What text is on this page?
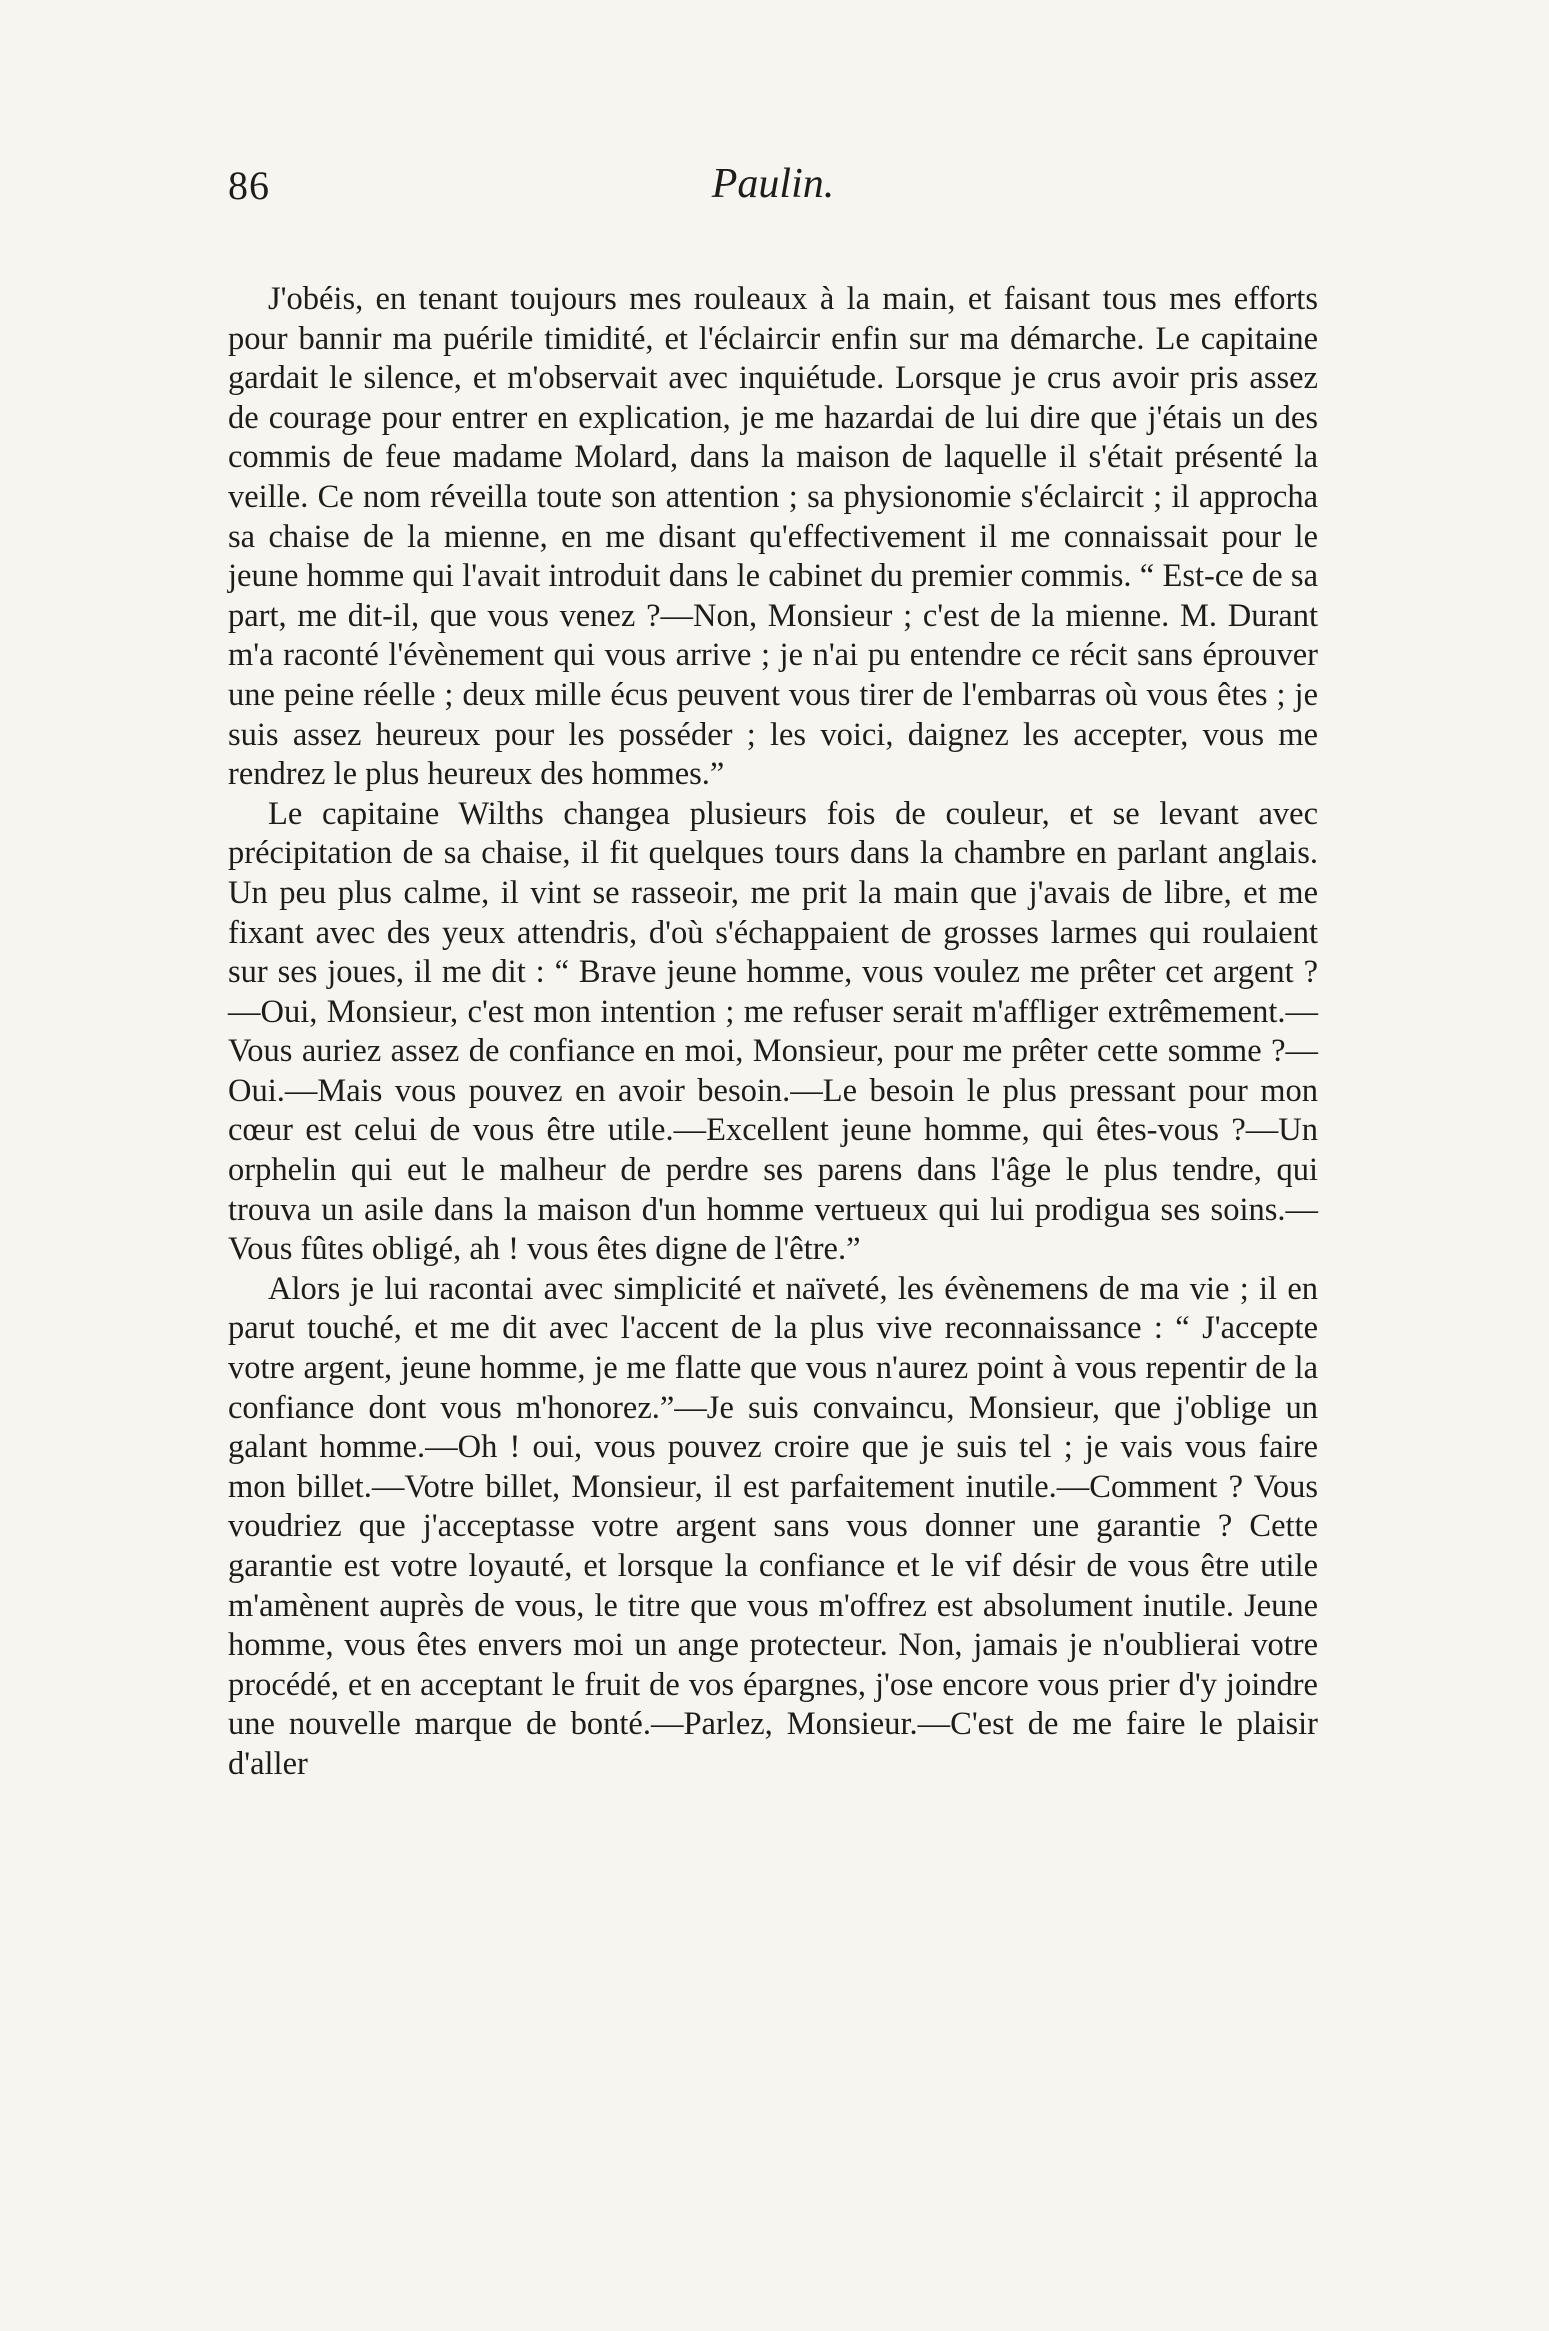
86	Paulin.

J'obéis, en tenant toujours mes rouleaux à la main, et faisant tous mes efforts pour bannir ma puérile timidité, et l'éclaircir enfin sur ma démarche. Le capitaine gardait le silence, et m'observait avec inquiétude. Lorsque je crus avoir pris assez de courage pour entrer en explication, je me hazardai de lui dire que j'étais un des commis de feue madame Molard, dans la maison de laquelle il s'était présenté la veille. Ce nom réveilla toute son attention ; sa physionomie s'éclaircit ; il approcha sa chaise de la mienne, en me disant qu'effectivement il me connaissait pour le jeune homme qui l'avait introduit dans le cabinet du premier commis. “ Est-ce de sa part, me dit-il, que vous venez ?—Non, Monsieur ; c'est de la mienne. M. Durant m'a raconté l'évènement qui vous arrive ; je n'ai pu entendre ce récit sans éprouver une peine réelle ; deux mille écus peuvent vous tirer de l'embarras où vous êtes ; je suis assez heureux pour les posséder ; les voici, daignez les accepter, vous me rendrez le plus heureux des hommes.”

Le capitaine Wilths changea plusieurs fois de couleur, et se levant avec précipitation de sa chaise, il fit quelques tours dans la chambre en parlant anglais. Un peu plus calme, il vint se rasseoir, me prit la main que j'avais de libre, et me fixant avec des yeux attendris, d'où s'échappaient de grosses larmes qui roulaient sur ses joues, il me dit : “ Brave jeune homme, vous voulez me prêter cet argent ?—Oui, Monsieur, c'est mon intention ; me refuser serait m'affliger extrêmement.—Vous auriez assez de confiance en moi, Monsieur, pour me prêter cette somme ?—Oui.—Mais vous pouvez en avoir besoin.—Le besoin le plus pressant pour mon cœur est celui de vous être utile.—Excellent jeune homme, qui êtes-vous ?—Un orphelin qui eut le malheur de perdre ses parens dans l'âge le plus tendre, qui trouva un asile dans la maison d'un homme vertueux qui lui prodigua ses soins.—Vous fûtes obligé, ah ! vous êtes digne de l'être.”

Alors je lui racontai avec simplicité et naïveté, les évènemens de ma vie ; il en parut touché, et me dit avec l'accent de la plus vive reconnaissance : “ J'accepte votre argent, jeune homme, je me flatte que vous n'aurez point à vous repentir de la confiance dont vous m'honorez.”—Je suis convaincu, Monsieur, que j'oblige un galant homme.—Oh ! oui, vous pouvez croire que je suis tel ; je vais vous faire mon billet.—Votre billet, Monsieur, il est parfaitement inutile.—Comment ? Vous voudriez que j'acceptasse votre argent sans vous donner une garantie ? Cette garantie est votre loyauté, et lorsque la confiance et le vif désir de vous être utile m'amènent auprès de vous, le titre que vous m'offrez est absolument inutile. Jeune homme, vous êtes envers moi un ange protecteur. Non, jamais je n'oublierai votre procédé, et en acceptant le fruit de vos épargnes, j'ose encore vous prier d'y joindre une nouvelle marque de bonté.—Parlez, Monsieur.—C'est de me faire le plaisir d'aller
